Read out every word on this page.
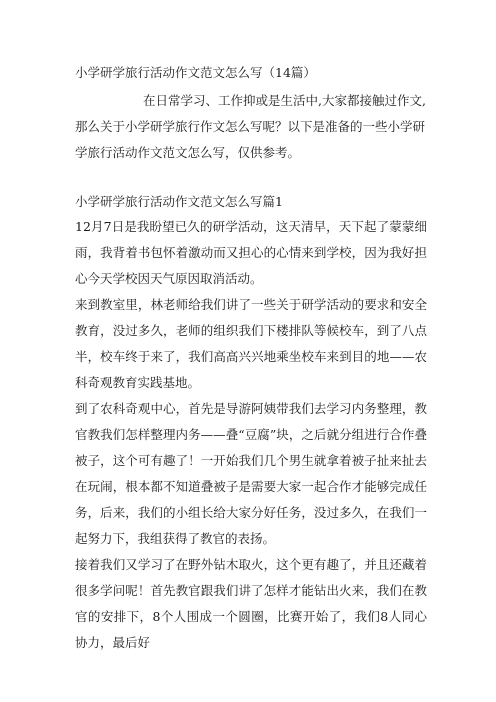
小学研学旅行活动作文范文怎么写（14篇）
在日常学习、工作抑或是生活中,大家都接触过作文,那么关于小学研学旅行作文怎么写呢？以下是准备的一些小学研学旅行活动作文范文怎么写，仅供参考。
小学研学旅行活动作文范文怎么写篇1

12月7日是我盼望已久的研学活动，这天清早，天下起了蒙蒙细雨，我背着书包怀着激动而又担心的心情来到学校，因为我好担心今天学校因天气原因取消活动。

来到教室里，林老师给我们讲了一些关于研学活动的要求和安全教育，没过多久，老师的组织我们下楼排队等候校车，到了八点半，校车终于来了，我们高高兴兴地乘坐校车来到目的地——农科奇观教育实践基地。

到了农科奇观中心，首先是导游阿姨带我们去学习内务整理，教官教我们怎样整理内务——叠“豆腐”块，之后就分组进行合作叠被子，这个可有趣了！一开始我们几个男生就拿着被子扯来扯去在玩闹，根本都不知道叠被子是需要大家一起合作才能够完成任务，后来，我们的小组长给大家分好任务，没过多久，在我们一起努力下，我组获得了教官的表扬。

接着我们又学习了在野外钻木取火，这个更有趣了，并且还藏着很多学问呢！首先教官跟我们讲了怎样才能钻出火来，我们在教官的安排下，8个人围成一个圆圈，比赛开始了，我们8人同心协力，最后好
